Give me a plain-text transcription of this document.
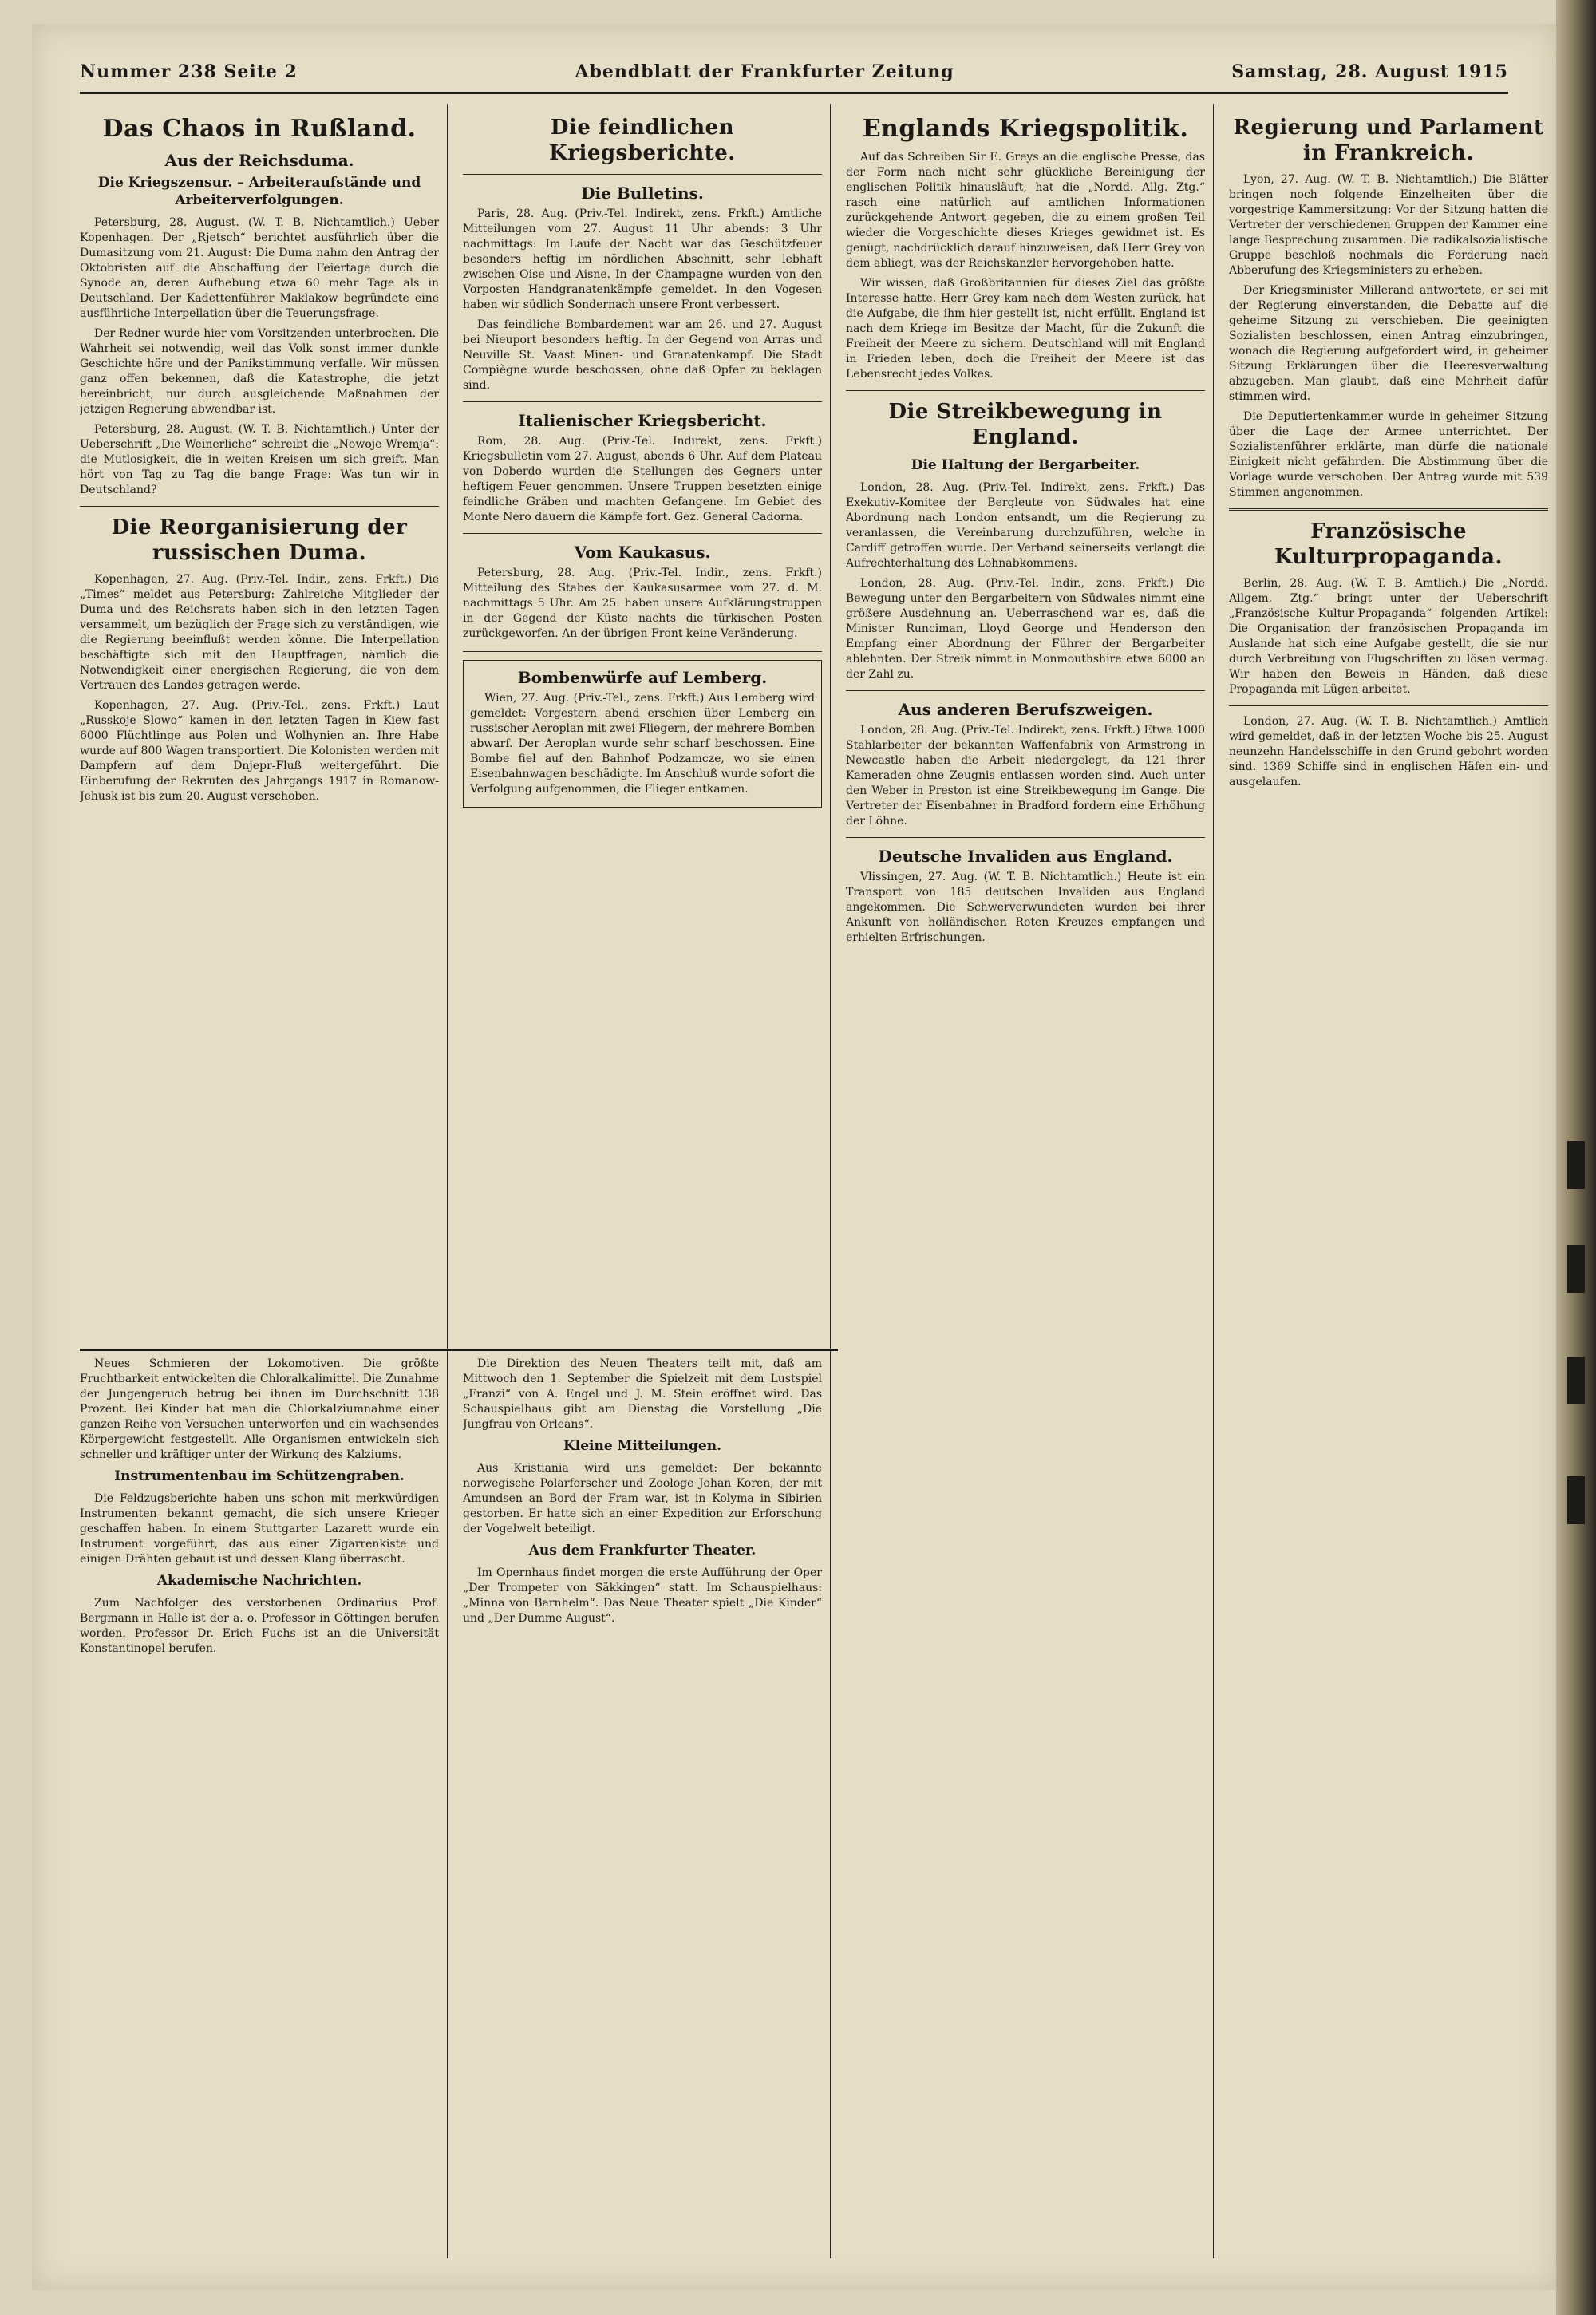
Nummer 238 Seite 2	Abendblatt der Frankfurter Zeitung	Samstag, 28. August 1915
Das Chaos in Rußland.
Aus der Reichsduma.
Die Kriegszensur. – Arbeiteraufstände und Arbeiterverfolgungen.

Petersburg, 28. August. (W. T. B. Nichtamtlich.) Ueber Kopenhagen. Der „Rjetsch“ berichtet ausführlich über die Dumasitzung vom 21. August: Die Duma nahm den Antrag der Oktobristen auf die Abschaffung der Feiertage durch die Synode an, deren Aufhebung etwa 60 mehr Tage als in Deutschland. Der Kadettenführer Maklakow begründete eine ausführliche Interpellation über die Teuerungsfrage.

Der Redner wurde hier vom Vorsitzenden unterbrochen. Die Wahrheit sei notwendig, weil das Volk sonst immer dunkle Geschichte höre und der Panikstimmung verfalle. Wir müssen ganz offen bekennen, daß die Katastrophe, die jetzt hereinbricht, nur durch ausgleichende Maßnahmen der jetzigen Regierung abwendbar ist.

Petersburg, 28. August. (W. T. B. Nichtamtlich.) Unter der Ueberschrift „Die Weinerliche“ schreibt die „Nowoje Wremja“: die Mutlosigkeit, die in weiten Kreisen um sich greift. Man hört von Tag zu Tag die bange Frage: Was tun wir in Deutschland?

Die Reorganisierung der russischen Duma.

Kopenhagen, 27. Aug. (Priv.-Tel. Indir., zens. Frkft.) Die „Times“ meldet aus Petersburg: Zahlreiche Mitglieder der Duma und des Reichsrats haben sich in den letzten Tagen versammelt, um bezüglich der Frage sich zu verständigen, wie die Regierung beeinflußt werden könne. Die Interpellation beschäftigte sich mit den Hauptfragen, nämlich die Notwendigkeit einer energischen Regierung, die von dem Vertrauen des Landes getragen werde.

Kopenhagen, 27. Aug. (Priv.-Tel., zens. Frkft.) Laut „Russkoje Slowo“ kamen in den letzten Tagen in Kiew fast 6000 Flüchtlinge aus Polen und Wolhynien an. Ihre Habe wurde auf 800 Wagen transportiert. Die Kolonisten werden mit Dampfern auf dem Dnjepr-Fluß weitergeführt. Die Einberufung der Rekruten des Jahrgangs 1917 in Romanow-Jehusk ist bis zum 20. August verschoben.

Die feindlichen Kriegsberichte.
Die Bulletins.

Paris, 28. Aug. (Priv.-Tel. Indirekt, zens. Frkft.) Amtliche Mitteilungen vom 27. August 11 Uhr abends: 3 Uhr nachmittags: Im Laufe der Nacht war das Geschützfeuer besonders heftig im nördlichen Abschnitt, sehr lebhaft zwischen Oise und Aisne. In der Champagne wurden von den Vorposten Handgranatenkämpfe gemeldet. In den Vogesen haben wir südlich Sondernach unsere Front verbessert.

Das feindliche Bombardement war am 26. und 27. August bei Nieuport besonders heftig. In der Gegend von Arras und Neuville St. Vaast Minen- und Granatenkampf. Die Stadt Compiègne wurde beschossen, ohne daß Opfer zu beklagen sind.

Italienischer Kriegsbericht.

Rom, 28. Aug. (Priv.-Tel. Indirekt, zens. Frkft.) Kriegsbulletin vom 27. August, abends 6 Uhr. Auf dem Plateau von Doberdo wurden die Stellungen des Gegners unter heftigem Feuer genommen. Unsere Truppen besetzten einige feindliche Gräben und machten Gefangene. Im Gebiet des Monte Nero dauern die Kämpfe fort. Gez. General Cadorna.

Vom Kaukasus.

Petersburg, 28. Aug. (Priv.-Tel. Indir., zens. Frkft.) Mitteilung des Stabes der Kaukasusarmee vom 27. d. M. nachmittags 5 Uhr. Am 25. haben unsere Aufklärungstruppen in der Gegend der Küste nachts die türkischen Posten zurückgeworfen. An der übrigen Front keine Veränderung.

Bombenwürfe auf Lemberg.

Wien, 27. Aug. (Priv.-Tel., zens. Frkft.) Aus Lemberg wird gemeldet: Vorgestern abend erschien über Lemberg ein russischer Aeroplan mit zwei Fliegern, der mehrere Bomben abwarf. Der Aeroplan wurde sehr scharf beschossen. Eine Bombe fiel auf den Bahnhof Podzamcze, wo sie einen Eisenbahnwagen beschädigte. Im Anschluß wurde sofort die Verfolgung aufgenommen, die Flieger entkamen.

Englands Kriegspolitik.

Auf das Schreiben Sir E. Greys an die englische Presse, das der Form nach nicht sehr glückliche Bereinigung der englischen Politik hinausläuft, hat die „Nordd. Allg. Ztg.“ rasch eine natürlich auf amtlichen Informationen zurückgehende Antwort gegeben, die zu einem großen Teil wieder die Vorgeschichte dieses Krieges gewidmet ist. Es genügt, nachdrücklich darauf hinzuweisen, daß Herr Grey von dem abliegt, was der Reichskanzler hervorgehoben hatte.

Wir wissen, daß Großbritannien für dieses Ziel das größte Interesse hatte. Herr Grey kam nach dem Westen zurück, hat die Aufgabe, die ihm hier gestellt ist, nicht erfüllt. England ist nach dem Kriege im Besitze der Macht, für die Zukunft die Freiheit der Meere zu sichern. Deutschland will mit England in Frieden leben, doch die Freiheit der Meere ist das Lebensrecht jedes Volkes.

Die Streikbewegung in England.
Die Haltung der Bergarbeiter.

London, 28. Aug. (Priv.-Tel. Indirekt, zens. Frkft.) Das Exekutiv-Komitee der Bergleute von Südwales hat eine Abordnung nach London entsandt, um die Regierung zu veranlassen, die Vereinbarung durchzuführen, welche in Cardiff getroffen wurde. Der Verband seinerseits verlangt die Aufrechterhaltung des Lohnabkommens.

London, 28. Aug. (Priv.-Tel. Indir., zens. Frkft.) Die Bewegung unter den Bergarbeitern von Südwales nimmt eine größere Ausdehnung an. Ueberraschend war es, daß die Minister Runciman, Lloyd George und Henderson den Empfang einer Abordnung der Führer der Bergarbeiter ablehnten. Der Streik nimmt in Monmouthshire etwa 6000 an der Zahl zu.

Aus anderen Berufszweigen.

London, 28. Aug. (Priv.-Tel. Indirekt, zens. Frkft.) Etwa 1000 Stahlarbeiter der bekannten Waffenfabrik von Armstrong in Newcastle haben die Arbeit niedergelegt, da 121 ihrer Kameraden ohne Zeugnis entlassen worden sind. Auch unter den Weber in Preston ist eine Streikbewegung im Gange. Die Vertreter der Eisenbahner in Bradford fordern eine Erhöhung der Löhne.

Deutsche Invaliden aus England.

Vlissingen, 27. Aug. (W. T. B. Nichtamtlich.) Heute ist ein Transport von 185 deutschen Invaliden aus England angekommen. Die Schwerverwundeten wurden bei ihrer Ankunft von holländischen Roten Kreuzes empfangen und erhielten Erfrischungen.

Regierung und Parlament in Frankreich.

Lyon, 27. Aug. (W. T. B. Nichtamtlich.) Die Blätter bringen noch folgende Einzelheiten über die vorgestrige Kammersitzung: Vor der Sitzung hatten die Vertreter der verschiedenen Gruppen der Kammer eine lange Besprechung zusammen. Die radikalsozialistische Gruppe beschloß nochmals die Forderung nach Abberufung des Kriegsministers zu erheben.

Der Kriegsminister Millerand antwortete, er sei mit der Regierung einverstanden, die Debatte auf die geheime Sitzung zu verschieben. Die geeinigten Sozialisten beschlossen, einen Antrag einzubringen, wonach die Regierung aufgefordert wird, in geheimer Sitzung Erklärungen über die Heeresverwaltung abzugeben. Man glaubt, daß eine Mehrheit dafür stimmen wird.

Die Deputiertenkammer wurde in geheimer Sitzung über die Lage der Armee unterrichtet. Der Sozialistenführer erklärte, man dürfe die nationale Einigkeit nicht gefährden. Die Abstimmung über die Vorlage wurde verschoben. Der Antrag wurde mit 539 Stimmen angenommen.

Französische Kulturpropaganda.

Berlin, 28. Aug. (W. T. B. Amtlich.) Die „Nordd. Allgem. Ztg.“ bringt unter der Ueberschrift „Französische Kultur-Propaganda“ folgenden Artikel: Die Organisation der französischen Propaganda im Auslande hat sich eine Aufgabe gestellt, die sie nur durch Verbreitung von Flugschriften zu lösen vermag. Wir haben den Beweis in Händen, daß diese Propaganda mit Lügen arbeitet.

London, 27. Aug. (W. T. B. Nichtamtlich.) Amtlich wird gemeldet, daß in der letzten Woche bis 25. August neunzehn Handelsschiffe in den Grund gebohrt worden sind. 1369 Schiffe sind in englischen Häfen ein- und ausgelaufen.

Neues Schmieren der Lokomotiven. Die größte Fruchtbarkeit entwickelten die Chloralkalimittel. Die Zunahme der Jungengeruch betrug bei ihnen im Durchschnitt 138 Prozent. Bei Kinder hat man die Chlorkalziumnahme einer ganzen Reihe von Versuchen unterworfen und ein wachsendes Körpergewicht festgestellt. Alle Organismen entwickeln sich schneller und kräftiger unter der Wirkung des Kalziums.

Instrumentenbau im Schützengraben.

Die Feldzugsberichte haben uns schon mit merkwürdigen Instrumenten bekannt gemacht, die sich unsere Krieger geschaffen haben. In einem Stuttgarter Lazarett wurde ein Instrument vorgeführt, das aus einer Zigarrenkiste und einigen Drähten gebaut ist und dessen Klang überrascht.

Akademische Nachrichten.

Zum Nachfolger des verstorbenen Ordinarius Prof. Bergmann in Halle ist der a. o. Professor in Göttingen berufen worden. Professor Dr. Erich Fuchs ist an die Universität Konstantinopel berufen.

Die Direktion des Neuen Theaters teilt mit, daß am Mittwoch den 1. September die Spielzeit mit dem Lustspiel „Franzi“ von A. Engel und J. M. Stein eröffnet wird. Das Schauspielhaus gibt am Dienstag die Vorstellung „Die Jungfrau von Orleans“.

Kleine Mitteilungen.

Aus Kristiania wird uns gemeldet: Der bekannte norwegische Polarforscher und Zoologe Johan Koren, der mit Amundsen an Bord der Fram war, ist in Kolyma in Sibirien gestorben. Er hatte sich an einer Expedition zur Erforschung der Vogelwelt beteiligt.

Aus dem Frankfurter Theater.

Im Opernhaus findet morgen die erste Aufführung der Oper „Der Trompeter von Säkkingen“ statt. Im Schauspielhaus: „Minna von Barnhelm“. Das Neue Theater spielt „Die Kinder“ und „Der Dumme August“.
